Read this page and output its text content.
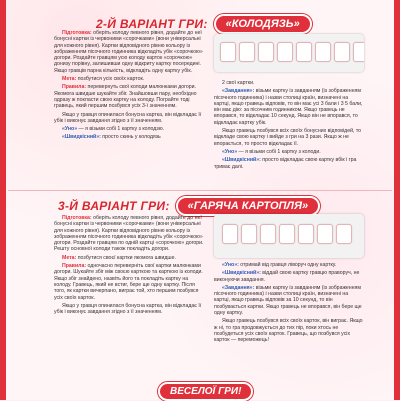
2-Й ВАРІАНТ ГРИ:	«КОЛОДЯЗЬ»

Підготовка: оберіть колоду певного рівня, додайте до неї бонусні картки із червоними «сорочками» (вони універсальні для кожного рівня). Картки відповідного рівню кольору із зображенням пісочного годинника відкладіть убік «сорочкою» догори. Роздайте гравцям усю колоду карток «сорочкою» донизу порівну, залишивши одну відкриту картку посередині. Якщо гравців парна кількість, відкладіть одну картку убік.

Мета: позбутися усіх своїх карток.

Правила: перевернуть свої колоди малюнками догори. Якомога швидше шукайте збіг. Знайшовши пару, необхідно одразу ж покласти свою картку на колоду. Пограйте тоді гравець, який першим позбувся усіх 3-ї значенням.

Якщо у гравця опинилася бонусна картка, він відкладає її убік і виконує завдання згідно з її значенням.

«Уно» — я візьми собі 1 картку з колодзю.

«Швидкісний»: просто скинь у колодязь

2 свої картки.

«Завдання»: візьми картку із завданням (із зображенням пісочного годинника) і назви столиці країн, визначені на картці, якщо гравець відповів, то він має усі 3 бали і 3 5 бали, він має дію: за пісочним годинником. Якщо гравець не впорався, то відкладає 10 секунд. Якщо він не впорався, то відкладає картку убік.

Якщо гравець позбувся всіх своїх бонусних відповідей, то відкладе свою картку і вийде з гри на 3 рази. Якщо ж не впорається, то просто відкладає її.

«Уно» — я візьми собі 1 картку з колоди.

«Швидкісний»: просто відкладає свою картку вбік і гра триває далі.

3-Й ВАРІАНТ ГРИ:	«ГАРЯЧА КАРТОПЛЯ»

Підготовка: оберіть колоду певного рівня, додайте до неї бонусні картки із червоними «сорочками» (вони універсальні для кожного рівня). Картки відповідного рівню кольору із зображенням пісочного годинника відкладіть убік «сорочкою» догори. Роздайте гравцям по одній картці «сорочкою» догори. Решту основної колоди також покладіть догори.

Мета: позбутися своєї картки якомога швидше.

Правила: одночасно переверніть свої картки малюнками догори. Шукайте збіг між своєю карткою та карткою із колоди. Якщо збіг знайдено, назвіть його та покладіть картку на колоду. Гравець, який не встиг, бере ще одну картку. Після того, як картки вичерпано, виграє той, хто першим позбувся усіх своїх карток.

Якщо у гравця опинилася бонусна картка, він відкладає її убік і виконує завдання згідно з її значенням.

«Уно»: отримай від гравця ліворуч одну картку.

«Швидкісний»: віддай свою картку гравцю праворуч, не виконуючи завдання.

«Завдання»: візьми картку із завданням (із зображенням пісочного годинника) і назви столиці країн, визначені на картці, якщо гравець відповів за 10 секунд, то він позбувається картки. Якщо гравець не впорався, він бере ще одну картку.

Якщо гравець позбувся всіх своїх карток, він виграє. Якщо ж ні, то гра продовжується до тих пір, поки хтось не позбудеться усіх своїх карток. Гравець, що позбувся усіх карток — переможець!

ВЕСЕЛОЇ ГРИ!
